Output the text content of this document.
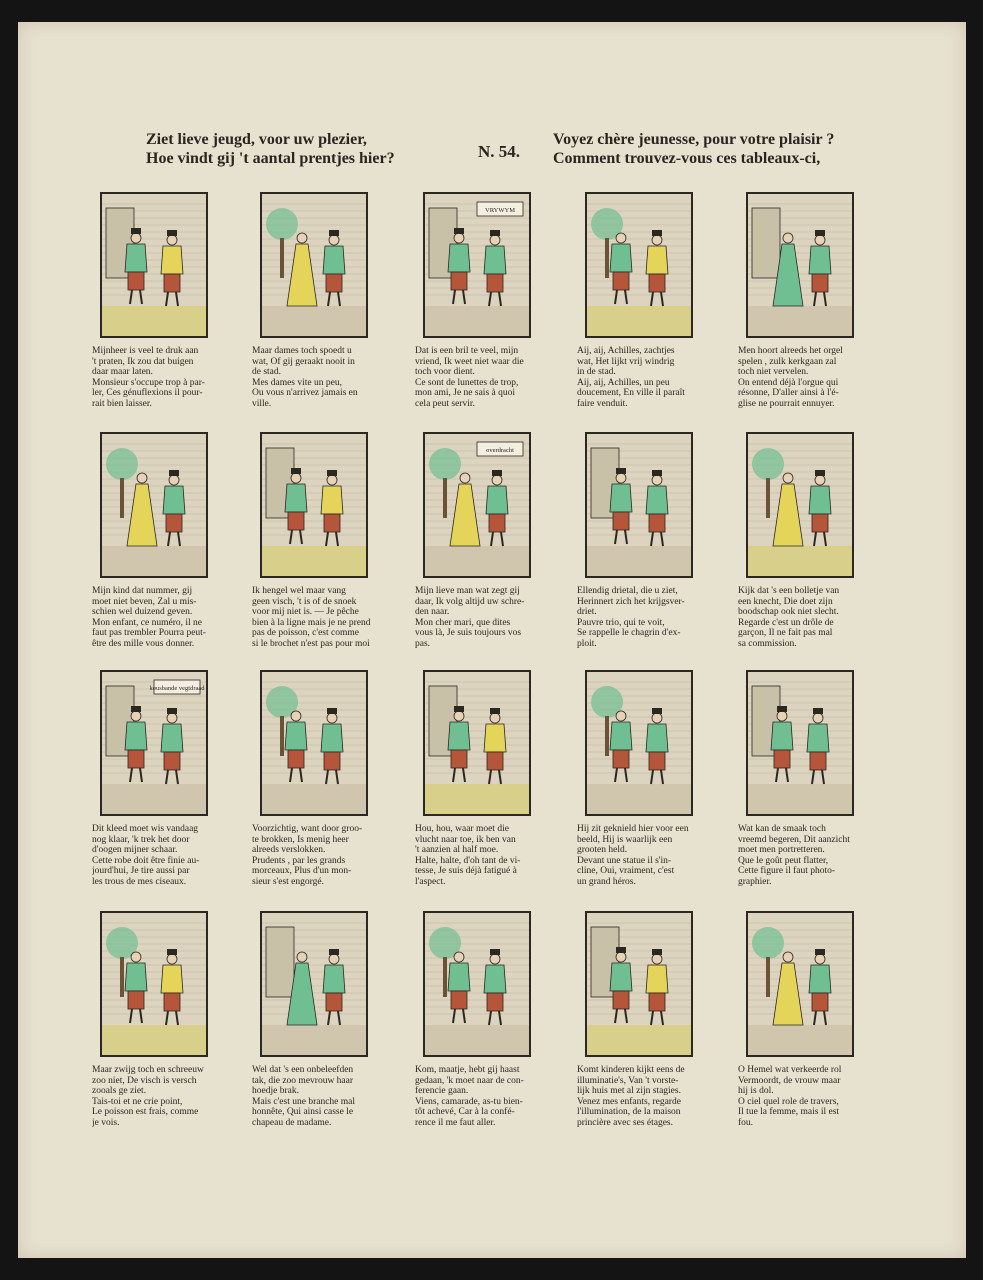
Ziet lieve jeugd, voor uw plezier,
Hoe vindt gij 't aantal prentjes hier?	N. 54.
Voyez chère jeunesse, pour votre plaisir ?
Comment trouvez-vous ces tableaux-ci,
Mijnheer is veel te druk aan
't praten, Ik zou dat buigen
daar maar laten.
Monsieur s'occupe trop à par-
ler, Ces génuflexions il pour-
rait bien laisser.
Maar dames toch spoedt u
wat, Of gij geraakt nooit in
de stad.
Mes dames vite un peu,
Ou vous n'arrivez jamais en
ville.
VRYWYM
Dat is een bril te veel, mijn
vriend, Ik weet niet waar die
toch voor dient.
Ce sont de lunettes de trop,
mon ami, Je ne sais à quoi
cela peut servir.
Aij, aij, Achilles, zachtjes
wat, Het lijkt vrij windrig
in de stad.
Aij, aij, Achilles, un peu
doucement, En ville il paraît
faire venduit.
Men hoort alreeds het orgel
spelen , zulk kerkgaan zal
toch niet vervelen.
On entend déjà l'orgue qui
résonne, D'aller ainsi à l'é-
glise ne pourrait ennuyer.
Mijn kind dat nummer, gij
moet niet beven, Zal u mis-
schien wel duizend geven.
Mon enfant, ce numéro, il ne
faut pas trembler Pourra peut-
être des mille vous donner.
Ik hengel wel maar vang
geen visch, 't is of de snoek
voor mij niet is. — Je pêche
bien à la ligne mais je ne prend
pas de poisson, c'est comme
si le brochet n'est pas pour moi
overdracht
Mijn lieve man wat zegt gij
daar, Ik volg altijd uw schre-
den naar.
Mon cher mari, que dites
vous là, Je suis toujours vos
pas.
Ellendig drietal, die u ziet,
Herinnert zich het krijgsver-
driet.
Pauvre trio, qui te voit,
Se rappelle le chagrin d'ex-
ploit.
Kijk dat 's een bolletje van
een knecht, Die doet zijn
boodschap ook niet slecht.
Regarde c'est un drôle de
garçon, Il ne fait pas mal
sa commission.
kousbande vegtdraad
Dit kleed moet wis vandaag
nog klaar, 'k trek het door
d'oogen mijner schaar.
Cette robe doit être finie au-
jourd'hui, Je tire aussi par
les trous de mes ciseaux.
Voorzichtig, want door groo-
te brokken, Is menig heer
alreeds verslokken.
Prudents , par les grands
morceaux, Plus d'un mon-
sieur s'est engorgé.
Hou, hou, waar moet die
vlucht naar toe, ik ben van
't aanzien al half moe.
Halte, halte, d'oh tant de vi-
tesse, Je suis déjà fatigué à
l'aspect.
Hij zit geknield hier voor een
beeld, Hij is waarlijk een
grooten held.
Devant une statue il s'in-
cline, Oui, vraiment, c'est
un grand héros.
Wat kan de smaak toch
vreemd begeren, Dit aanzicht
moet men portretteren.
Que le goût peut flatter,
Cette figure il faut photo-
graphier.
Maar zwijg toch en schreeuw
zoo niet, De visch is versch
zooals ge ziet.
Tais-toi et ne crie point,
Le poisson est frais, comme
je vois.
Wel dat 's een onbeleefden
tak, die zoo mevrouw haar
hoedje brak.
Mais c'est une branche mal
honnête, Qui ainsi casse le
chapeau de madame.
Kom, maatje, hebt gij haast
gedaan, 'k moet naar de con-
ferencie gaan.
Viens, camarade, as-tu bien-
tôt achevé, Car à la confé-
rence il me faut aller.
Komt kinderen kijkt eens de
illuminatie's, Van 't vorste-
lijk huis met al zijn stagies.
Venez mes enfants, regarde
l'illumination, de la maison
princière avec ses étages.
O Hemel wat verkeerde rol
Vermoordt, de vrouw maar
hij is dol.
O ciel quel role de travers,
Il tue la femme, mais il est
fou.
